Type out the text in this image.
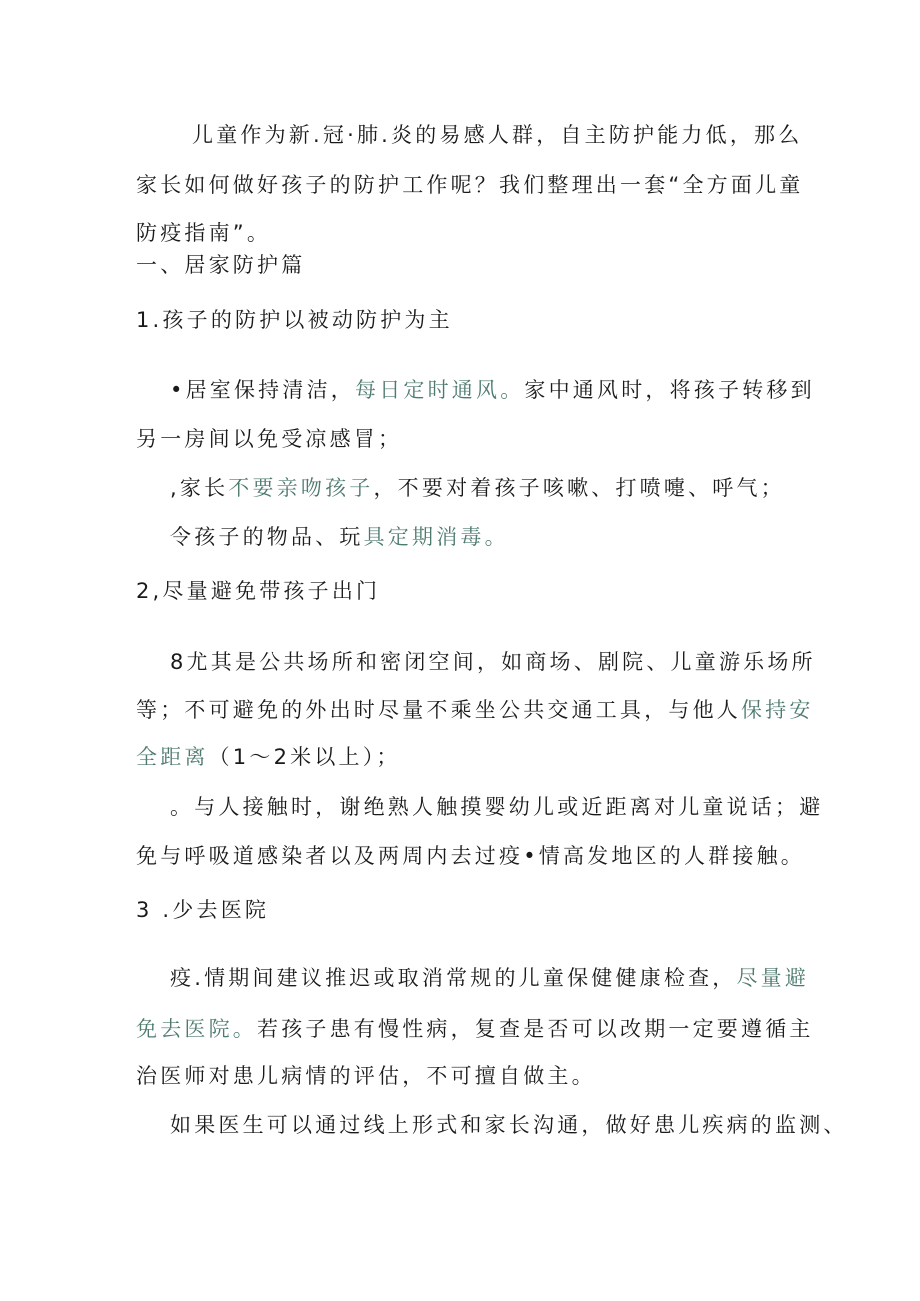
儿童作为新.冠·肺.炎的易感人群，自主防护能力低，那么
家长如何做好孩子的防护工作呢？我们整理出一套“全方面儿童
防疫指南”。
一、居家防护篇
1.孩子的防护以被动防护为主
•居室保持清洁，每日定时通风。家中通风时，将孩子转移到
另一房间以免受凉感冒；
,家长不要亲吻孩子，不要对着孩子咳嗽、打喷嚏、呼气；
令孩子的物品、玩具定期消毒。
2,尽量避免带孩子出门
8尤其是公共场所和密闭空间，如商场、剧院、儿童游乐场所
等；不可避免的外出时尽量不乘坐公共交通工具，与他人保持安
全距离（1～2米以上）；
。与人接触时，谢绝熟人触摸婴幼儿或近距离对儿童说话；避
免与呼吸道感染者以及两周内去过疫•情高发地区的人群接触。
3 .少去医院
疫.情期间建议推迟或取消常规的儿童保健健康检查，尽量避
免去医院。若孩子患有慢性病，复查是否可以改期一定要遵循主
治医师对患儿病情的评估，不可擅自做主。
如果医生可以通过线上形式和家长沟通，做好患儿疾病的监测、
